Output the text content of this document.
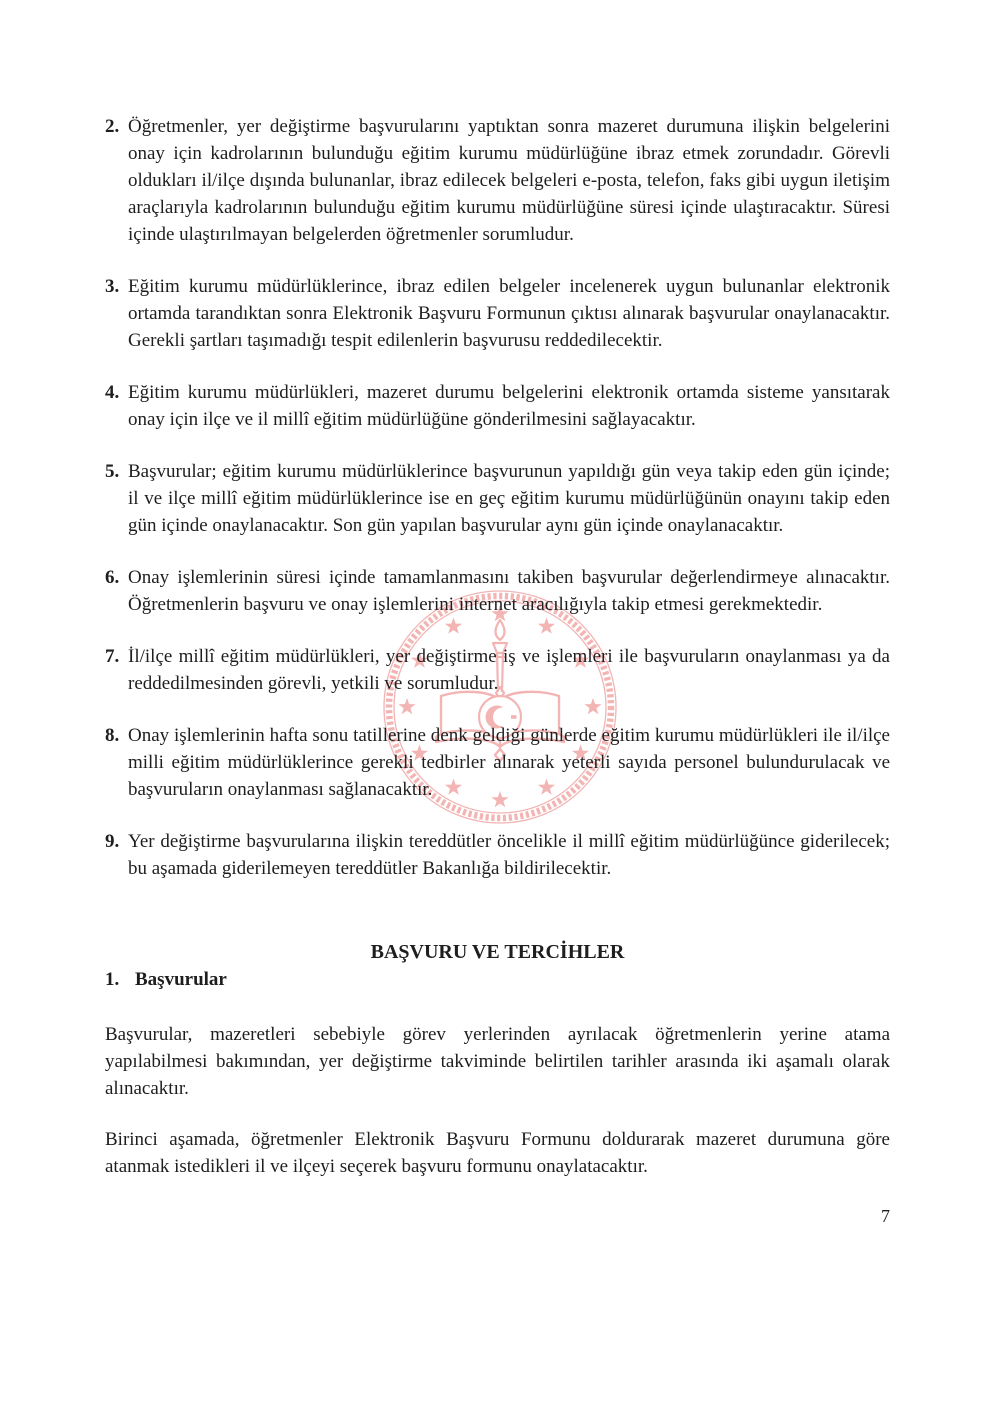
2. Öğretmenler, yer değiştirme başvurularını yaptıktan sonra mazeret durumuna ilişkin belgelerini onay için kadrolarının bulunduğu eğitim kurumu müdürlüğüne ibraz etmek zorundadır. Görevli oldukları il/ilçe dışında bulunanlar, ibraz edilecek belgeleri e-posta, telefon, faks gibi uygun iletişim araçlarıyla kadrolarının bulunduğu eğitim kurumu müdürlüğüne süresi içinde ulaştıracaktır. Süresi içinde ulaştırılmayan belgelerden öğretmenler sorumludur.

3. Eğitim kurumu müdürlüklerince, ibraz edilen belgeler incelenerek uygun bulunanlar elektronik ortamda tarandıktan sonra Elektronik Başvuru Formunun çıktısı alınarak başvurular onaylanacaktır. Gerekli şartları taşımadığı tespit edilenlerin başvurusu reddedilecektir.

4. Eğitim kurumu müdürlükleri, mazeret durumu belgelerini elektronik ortamda sisteme yansıtarak onay için ilçe ve il millî eğitim müdürlüğüne gönderilmesini sağlayacaktır.

5. Başvurular; eğitim kurumu müdürlüklerince başvurunun yapıldığı gün veya takip eden gün içinde; il ve ilçe millî eğitim müdürlüklerince ise en geç eğitim kurumu müdürlüğünün onayını takip eden gün içinde onaylanacaktır. Son gün yapılan başvurular aynı gün içinde onaylanacaktır.

6. Onay işlemlerinin süresi içinde tamamlanmasını takiben başvurular değerlendirmeye alınacaktır. Öğretmenlerin başvuru ve onay işlemlerini internet aracılığıyla takip etmesi gerekmektedir.

7. İl/ilçe millî eğitim müdürlükleri, yer değiştirme iş ve işlemleri ile başvuruların onaylanması ya da reddedilmesinden görevli, yetkili ve sorumludur.

8. Onay işlemlerinin hafta sonu tatillerine denk geldiği günlerde eğitim kurumu müdürlükleri ile il/ilçe milli eğitim müdürlüklerince gerekli tedbirler alınarak yeterli sayıda personel bulundurulacak ve başvuruların onaylanması sağlanacaktır.

9. Yer değiştirme başvurularına ilişkin tereddütler öncelikle il millî eğitim müdürlüğünce giderilecek; bu aşamada giderilemeyen tereddütler Bakanlığa bildirilecektir.

BAŞVURU VE TERCİHLER
1. Başvurular

Başvurular, mazeretleri sebebiyle görev yerlerinden ayrılacak öğretmenlerin yerine atama yapılabilmesi bakımından, yer değiştirme takviminde belirtilen tarihler arasında iki aşamalı olarak alınacaktır.

Birinci aşamada, öğretmenler Elektronik Başvuru Formunu doldurarak mazeret durumuna göre atanmak istedikleri il ve ilçeyi seçerek başvuru formunu onaylatacaktır.

7
